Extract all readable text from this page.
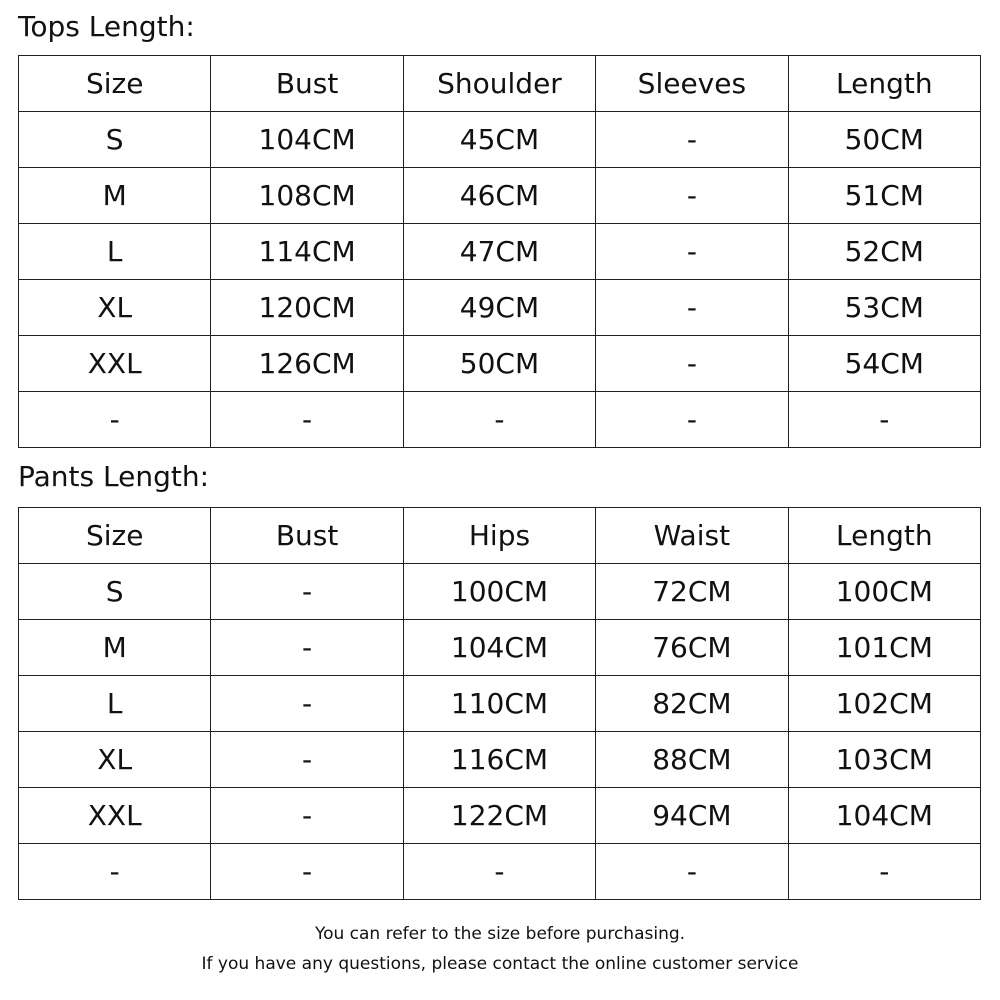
Tops Length:
Size	Bust	Shoulder	Sleeves	Length
S	104CM	45CM	-	50CM
M	108CM	46CM	-	51CM
L	114CM	47CM	-	52CM
XL	120CM	49CM	-	53CM
XXL	126CM	50CM	-	54CM
-	-	-	-	-
Pants Length:
Size	Bust	Hips	Waist	Length
S	-	100CM	72CM	100CM
M	-	104CM	76CM	101CM
L	-	110CM	82CM	102CM
XL	-	116CM	88CM	103CM
XXL	-	122CM	94CM	104CM
-	-	-	-	-
You can refer to the size before purchasing.
If you have any questions, please contact the online customer service
